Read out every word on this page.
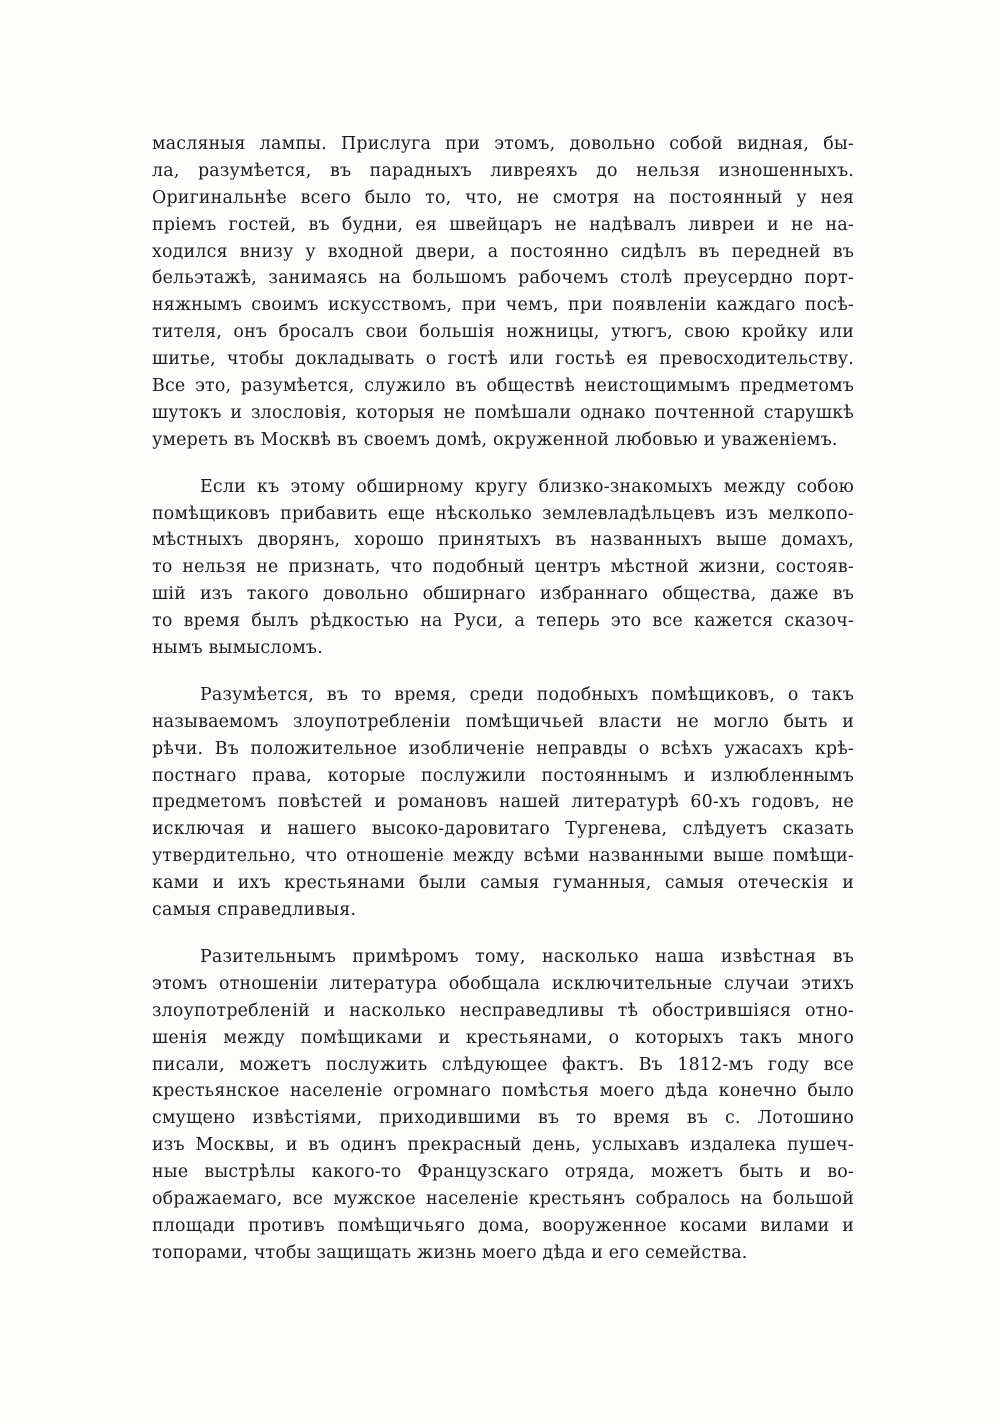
масляныя лампы. Прислуга при этомъ, довольно собой видная, бы-
ла, разумѣется, въ парадныхъ ливреяхъ до нельзя изношенныхъ.
Оригинальнѣе всего было то, что, не смотря на постоянный у нея
пріемъ гостей, въ будни, ея швейцаръ не надѣвалъ ливреи и не на-
ходился внизу у входной двери, а постоянно сидѣлъ въ передней въ
бельэтажѣ, занимаясь на большомъ рабочемъ столѣ преусердно порт-
няжнымъ своимъ искусствомъ, при чемъ, при появленіи каждаго посѣ-
тителя, онъ бросалъ свои большія ножницы, утюгъ, свою кройку или
шитье, чтобы докладывать о гостѣ или гостьѣ ея превосходительству.
Все это, разумѣется, служило въ обществѣ неистощимымъ предметомъ
шутокъ и злословія, которыя не помѣшали однако почтенной старушкѣ
умереть въ Москвѣ въ своемъ домѣ, окруженной любовью и уваженіемъ.
Если къ этому обширному кругу близко-знакомыхъ между собою
помѣщиковъ прибавить еще нѣсколько землевладѣльцевъ изъ мелкопо-
мѣстныхъ дворянъ, хорошо принятыхъ въ названныхъ выше домахъ,
то нельзя не признать, что подобный центръ мѣстной жизни, состояв-
шій изъ такого довольно обширнаго избраннаго общества, даже въ
то время былъ рѣдкостью на Руси, а теперь это все кажется сказоч-
нымъ вымысломъ.
Разумѣется, въ то время, среди подобныхъ помѣщиковъ, о такъ
называемомъ злоупотребленіи помѣщичьей власти не могло быть и
рѣчи. Въ положительное изобличеніе неправды о всѣхъ ужасахъ крѣ-
постнаго права, которые послужили постояннымъ и излюбленнымъ
предметомъ повѣстей и романовъ нашей литературѣ 60-хъ годовъ, не
исключая и нашего высоко-даровитаго Тургенева, слѣдуетъ сказать
утвердительно, что отношеніе между всѣми названными выше помѣщи-
ками и ихъ крестьянами были самыя гуманныя, самыя отеческія и
самыя справедливыя.
Разительнымъ примѣромъ тому, насколько наша извѣстная въ
этомъ отношеніи литература обобщала исключительные случаи этихъ
злоупотребленій и насколько несправедливы тѣ обострившіяся отно-
шенія между помѣщиками и крестьянами, о которыхъ такъ много
писали, можетъ послужить слѣдующее фактъ. Въ 1812-мъ году все
крестьянское населеніе огромнаго помѣстья моего дѣда конечно было
смущено извѣстіями, приходившими въ то время въ с. Лотошино
изъ Москвы, и въ одинъ прекрасный день, услыхавъ издалека пушеч-
ные выстрѣлы какого-то Французскаго отряда, можетъ быть и во-
ображаемаго, все мужское населеніе крестьянъ собралось на большой
площади противъ помѣщичьяго дома, вооруженное косами вилами и
топорами, чтобы защищать жизнь моего дѣда и его семейства.
